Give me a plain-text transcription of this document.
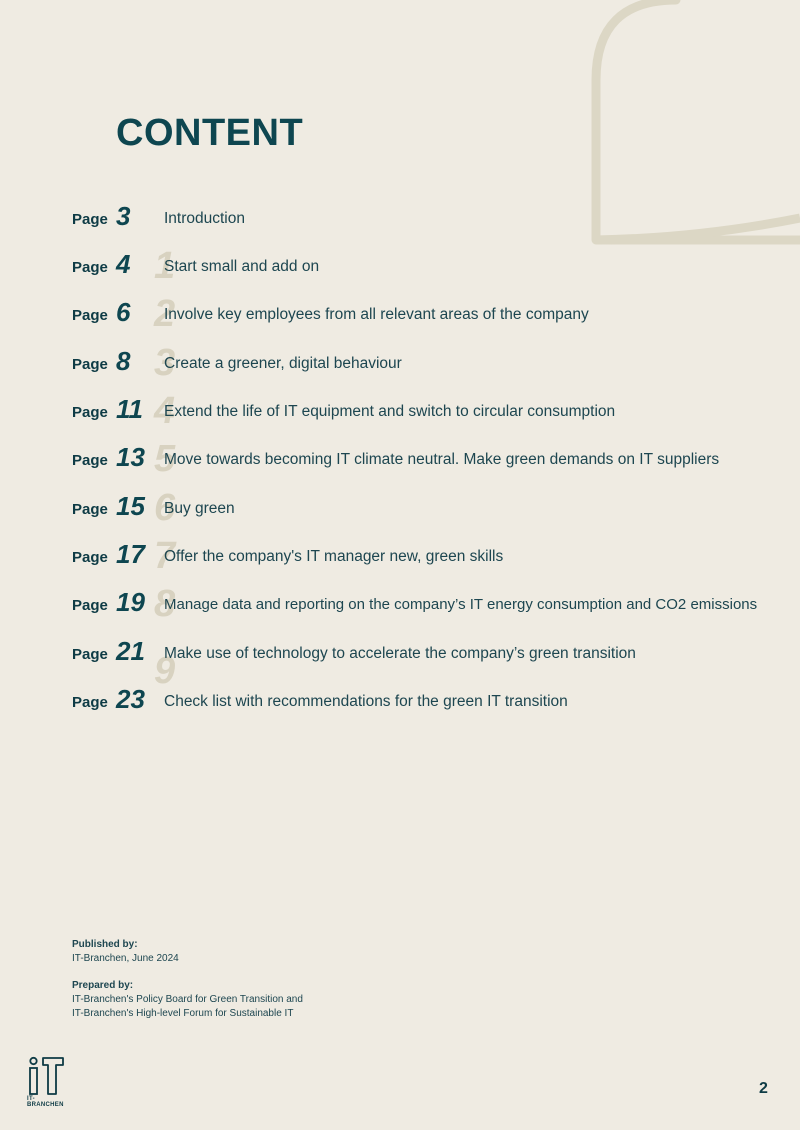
CONTENT
1
2
3
4
5
6
7
8
9
Page 3 Introduction
Page 4 Start small and add on
Page 6 Involve key employees from all relevant areas of the company
Page 8 Create a greener, digital behaviour
Page 11 Extend the life of IT equipment and switch to circular consumption
Page 13 Move towards becoming IT climate neutral. Make green demands on IT suppliers
Page 15 Buy green
Page 17 Offer the company's IT manager new, green skills
Page 19 Manage data and reporting on the company’s IT energy consumption and CO2 emissions
Page 21 Make use of technology to accelerate the company’s green transition
Page 23 Check list with recommendations for the green IT transition
Published by:
IT-Branchen, June 2024
Prepared by:
IT-Branchen's Policy Board for Green Transition and
IT-Branchen's High-level Forum for Sustainable IT
IT-BRANCHEN
2
